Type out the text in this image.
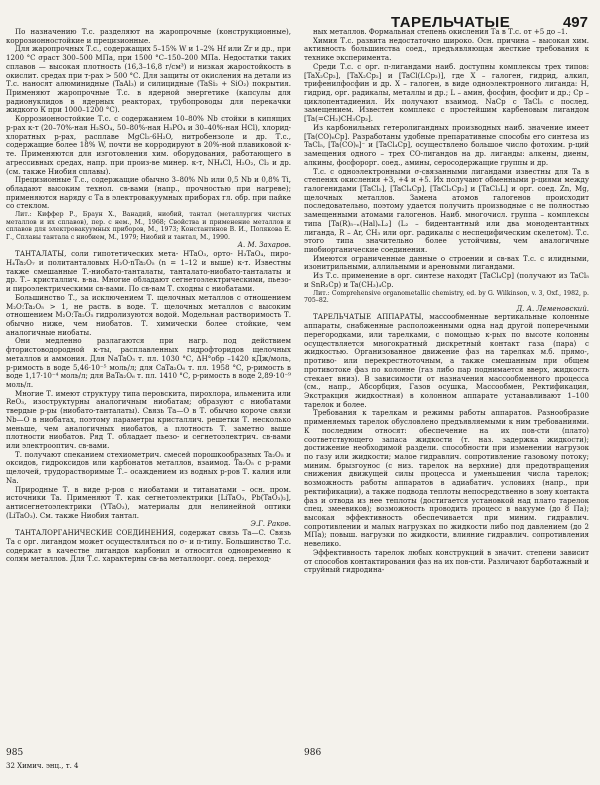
ТАРЕЛЬЧАТЫЕ	497

По назначению Т.с. разделяют на жаропрочные (конструкционные), коррозионностойкие и прецизионные.

Для жаропрочных Т.с., содержащих 5–15% W и 1–2% Hf или Zr и др., при 1200 °С σраст 300–500 МПа, при 1500 °С–150–200 МПа. Недостатки таких сплавов — высокая плотность (16,3–16,8 г/см³) и низкая жаростойкость в окислит. средах при т-рах > 500 °С. Для защиты от окисления на детали из Т.с. наносят алюминидные (TaAl₃) и силицидные (TaSi₂ + SiO₂) покрытия. Применяют жаропрочные Т.с. в ядерной энергетике (капсулы для радионуклидов в ядерных реакторах, трубопроводы для перекачки жидкого К при 1000–1200 °С).

Коррозионностойкие Т.с. с содержанием 10–80% Nb стойки в кипящих р-рах к-т (20–70%-ная H₂SO₄, 50–80%-ная H₃PO₄ и 30–40%-ная HCl), хлорид-хлоратных р-рах, расплаве MgCl₂·6H₂O, нитробензоле и др. Т.с., содержащие более 18% W, почти не корродируют в 20%-ной плавиковой к-те. Применяются для изготовления хим. оборудования, работающего в агрессивных средах, напр. при произ-ве минер. к-т, NH₄Cl, H₂O₂, Cl₂ и др. (см. также Ниобия сплавы).

Прецизионные Т.с., содержащие обычно 3–80% Nb или 0,5 Nb и 0,8% Ti, обладают высоким технол. св-вами (напр., прочностью при нагреве); применяются наряду с Та в электровакуумных приборах гл. обр. при пайке со стеклом.

Лит.: Киффер Р., Браун Х., Ванадий, ниобий, тантал (металлургия чистых металлов и их сплавов), пер. с нем., М., 1968; Свойства и применение металлов и сплавов для электровакуумных приборов, М., 1973; Константинов В. И., Полякова Е. Г., Сплавы тантала с ниобием, М., 1979; Ниобий и тантал, М., 1990.

А. М. Захаров.

ТАНТАЛАТЫ, соли гипотетических мета- HTaO₃, орто- H₃TaO₄, пиро- H₄Ta₂O₇ и политанталовых H₂O·nTa₂O₅ (n = 1–12 и выше) к-т. Известны также смешанные Т.-ниобато-танталаты, танталато-ниобато-танталаты и др. Т.– кристаллич. в-ва. Многие обладают сегнетоэлектрическими, пьезо- и пироэлектрическими св-вами. По св-вам Т. сходны с ниобатами.

Большинство Т., за исключением Т. щелочных металлов с отношением M₂O:Ta₂O₅ > 1, не раств. в воде. Т. щелочных металлов с высоким отношением M₂O:Ta₂O₅ гидролизуются водой. Модельная растворимость Т. обычно ниже, чем ниобатов. Т. химически более стойкие, чем аналогичные ниобаты.

Они медленно разлагаются при нагр. под действием фтористоводородной к-ты, расплавленных гидрофторидов щелочных металлов и аммония. Для NaTaO₃ т. пл. 1030 °С, ΔH°обр –1420 кДж/моль, р-римость в воде 5,46·10⁻⁵ моль/л; для CaTa₂O₆ т. пл. 1958 °С, р-римость в воде 1,17·10⁻⁴ моль/л; для BaTa₂O₆ т. пл. 1410 °С, р-римость в воде 2,89·10⁻⁹ моль/л.

Многие Т. имеют структуру типа перовскита, пирохлора, ильменита или ReO₃, изоструктурны аналогичным ниобатам; образуют с ниобатами твердые р-ры (ниобато-танталаты). Связь Та—O в Т. обычно короче связи Nb—O в ниобатах, поэтому параметры кристаллич. решетки Т. несколько меньше, чем аналогичных ниобатов, а плотность Т. заметно выше плотности ниобатов. Ряд Т. обладает пьезо- и сегнетоэлектрич. св-вами или электрооптич. св-вами.

Т. получают спеканием стехиометрич. смесей порошкообразных Ta₂O₅ и оксидов, гидроксидов или карбонатов металлов, взаимод. Ta₂O₅ с р-рами щелочей, трудорастворимые Т.– осаждением из водных р-ров Т. калия или Na.

Природные Т. в виде р-ров с ниобатами и титанатами – осн. пром. источники Та. Применяют Т. как сегнетоэлектрики [LiTaO₃, Pb(TaO₃)₂], антисегнетоэлектрики (YTaO₃), материалы для нелинейной оптики (LiTaO₃). См. также Ниобия тантал.

Э.Г. Раков.

ТАНТАЛОРГАНИЧЕСКИЕ СОЕДИНЕНИЯ, содержат связь Та—C. Связь Та с орг. лигандом может осуществляться по σ- и π-типу. Большинство Т.с. содержат в качестве лигандов карбонил и относятся одновременно к солям металлов. Для Т.с. характерны св-ва металлоорг. соед. переход-

ных металлов. Формальная степень окисления Та в Т.с. от +5 до –1.

Химия Т.с. развита недостаточно широко. Осн. причина – высокая хим. активность большинства соед., предъявляющая жесткие требования к технике эксперимента.

Среди Т.с. с орг. π-лигандами наиб. доступны комплексы трех типов: [TaX₂Cp₂], [TaX₂Cp₂] и [TaCl(LCp₂)], где X – галоген, гидрид, алкил, трифенилфосфин и др. Х – галоген, в виде одноэлектронного лиганда: Н, гидрид, орг. радикалы, металлы и др.; L – амин, фосфин, фосфит и др.; Ср – циклопентадиенил. Их получают взаимод. NaCp с TaCl₅ с послед. замещением. Известен комплекс с простейшим карбеновым лигандом [Ta(=CH₂)CH₃Cp₂].

Из карбонильных гетеролигандных производных наиб. значение имеет [Ta(CO)₆Cp]. Разработаны удобные препаративные способы его синтеза из TaCl₅, [Ta(CO)₆]⁻ и [TaCl₄Cp], осуществлено большое число фотохим. р-ций замещения одного – трех СО-лигандов на др. лиганды: алкены, диены, алкины, фосфорорг. соед., амины, серосодержащие группы и др.

Т.с. с одноэлектронными σ-связанными лигандами известны для Та в степенях окисления +3, +4 и +5. Их получают обменными р-циями между галогенидами [TaCl₅], [TaCl₄Cp], [TaCl₃Cp₂] и [TaCl₃L] и орг. соед. Zn, Mg, щелочных металлов. Замена атомов галогенов происходит последовательно, поэтому удается получить производные с не полностью замещенными атомами галогенов. Наиб. многочисл. группа – комплексы типа [Ta(R)₅₋ₙ(Hal)ₙL₂] (L₂ – бидентантный или два монодентантных лиганда, R – Ar, CH₃ или орг. радикалы с неспецифическим скелетом). Т.с. этого типа значительно более устойчивы, чем аналогичные пиобиорганические соединения.

Имеются ограниченные данные о строении и св-вах Т.с. с илидными, изонитрильными, аллильными и ареновыми лигандами.

Из Т.с. применение в орг. синтезе находят [TaCl₄Cp] (получают из TaCl₅ и SnR₂Cp) и Ta(CH₃)₄Cp.

Лит.: Comprehensive organometallic chemistry, ed. by G. Wilkinson, v. 3, Oxf., 1982, p. 705–82.

Д. А. Леменовский.

ТАРЕЛЬЧАТЫЕ АППАРАТЫ, массообменные вертикальные колонные аппараты, снабженные расположенными одна над другой поперечными перегородками, или тарелками, с помощью к-рых по высоте колонны осуществляется многократный дискретный контакт газа (пара) с жидкостью. Организованное движение фаз на тарелках м.б. прямо-, противо- или перекрестноточным, а также смешанным при общем противотоке фаз по колонне (газ либо пар поднимается вверх, жидкость стекает вниз). В зависимости от назначения массообменного процесса (см., напр., Абсорбция, Газов осушка, Массообмен, Ректификация, Экстракция жидкостная) в колонном аппарате устанавливают 1–100 тарелок и более.

Требования к тарелкам и режимы работы аппаратов. Разнообразие применяемых тарелок обусловлено предъявляемыми к ним требованиями. К последним относят: обеспечение на их пов-сти (плато) соответствующего запаса жидкости (т. наз. задержка жидкости); достижение необходимой раздели. способности при изменении нагрузок по газу или жидкости; малое гидравлич. сопротивление газовому потоку; миним. брызгоунос (с низ. тарелок на верхние) для предотвращения снижения движущей силы процесса и уменьшения числа тарелок; возможность работы аппаратов в адиабатич. условиях (напр., при ректификации), а также подвода теплоты непосредственно в зону контакта фаз и отвода из нее теплоты (достигается установкой над плато тарелок спец. змеевиков); возможность проводить процесс в вакууме (до 8 Па); высокая эффективность обеспечивается при миним. гидравлич. сопротивлении и малых нагрузках по жидкости либо под давлением (до 2 МПа); повыш. нагрузки по жидкости, влияние гидравлич. сопротивления невелико.

Эффективность тарелок любых конструкций в значит. степени зависит от способов контактирования фаз на их пов-сти. Различают барботажный и струйный гидродина-

985	986
32 Химич. энц., т. 4
